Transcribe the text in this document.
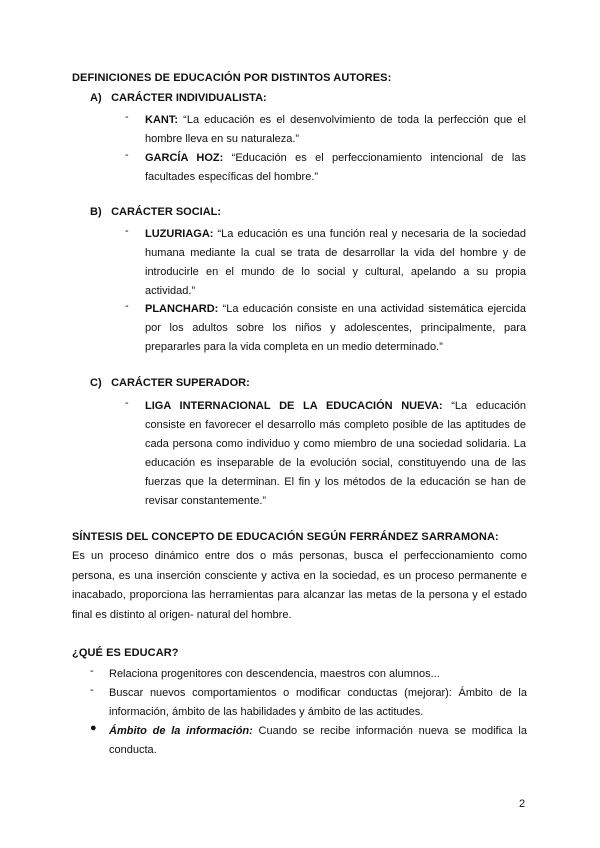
DEFINICIONES DE EDUCACIÓN POR DISTINTOS AUTORES:
A) CARÁCTER INDIVIDUALISTA:
- KANT: “La educación es el desenvolvimiento de toda la perfección que el hombre lleva en su naturaleza.”
- GARCÍA HOZ: “Educación es el perfeccionamiento intencional de las facultades específicas del hombre.”
B) CARÁCTER SOCIAL:
- LUZURIAGA: “La educación es una función real y necesaria de la sociedad humana mediante la cual se trata de desarrollar la vida del hombre y de introducirle en el mundo de lo social y cultural, apelando a su propia actividad.”
- PLANCHARD: “La educación consiste en una actividad sistemática ejercida por los adultos sobre los niños y adolescentes, principalmente, para prepararles para la vida completa en un medio determinado.”
C) CARÁCTER SUPERADOR:
- LIGA INTERNACIONAL DE LA EDUCACIÓN NUEVA: “La educación consiste en favorecer el desarrollo más completo posible de las aptitudes de cada persona como individuo y como miembro de una sociedad solidaria. La educación es inseparable de la evolución social, constituyendo una de las fuerzas que la determinan. El fin y los métodos de la educación se han de revisar constantemente.”
SÍNTESIS DEL CONCEPTO DE EDUCACIÓN SEGÚN FERRÁNDEZ SARRAMONA:
Es un proceso dinámico entre dos o más personas, busca el perfeccionamiento como persona, es una inserción consciente y activa en la sociedad, es un proceso permanente e inacabado, proporciona las herramientas para alcanzar las metas de la persona y el estado final es distinto al origen- natural del hombre.
¿QUÉ ES EDUCAR?
- Relaciona progenitores con descendencia, maestros con alumnos...
- Buscar nuevos comportamientos o modificar conductas (mejorar): Ámbito de la información, ámbito de las habilidades y ámbito de las actitudes.
● Ámbito de la información: Cuando se recibe información nueva se modifica la conducta.
2
